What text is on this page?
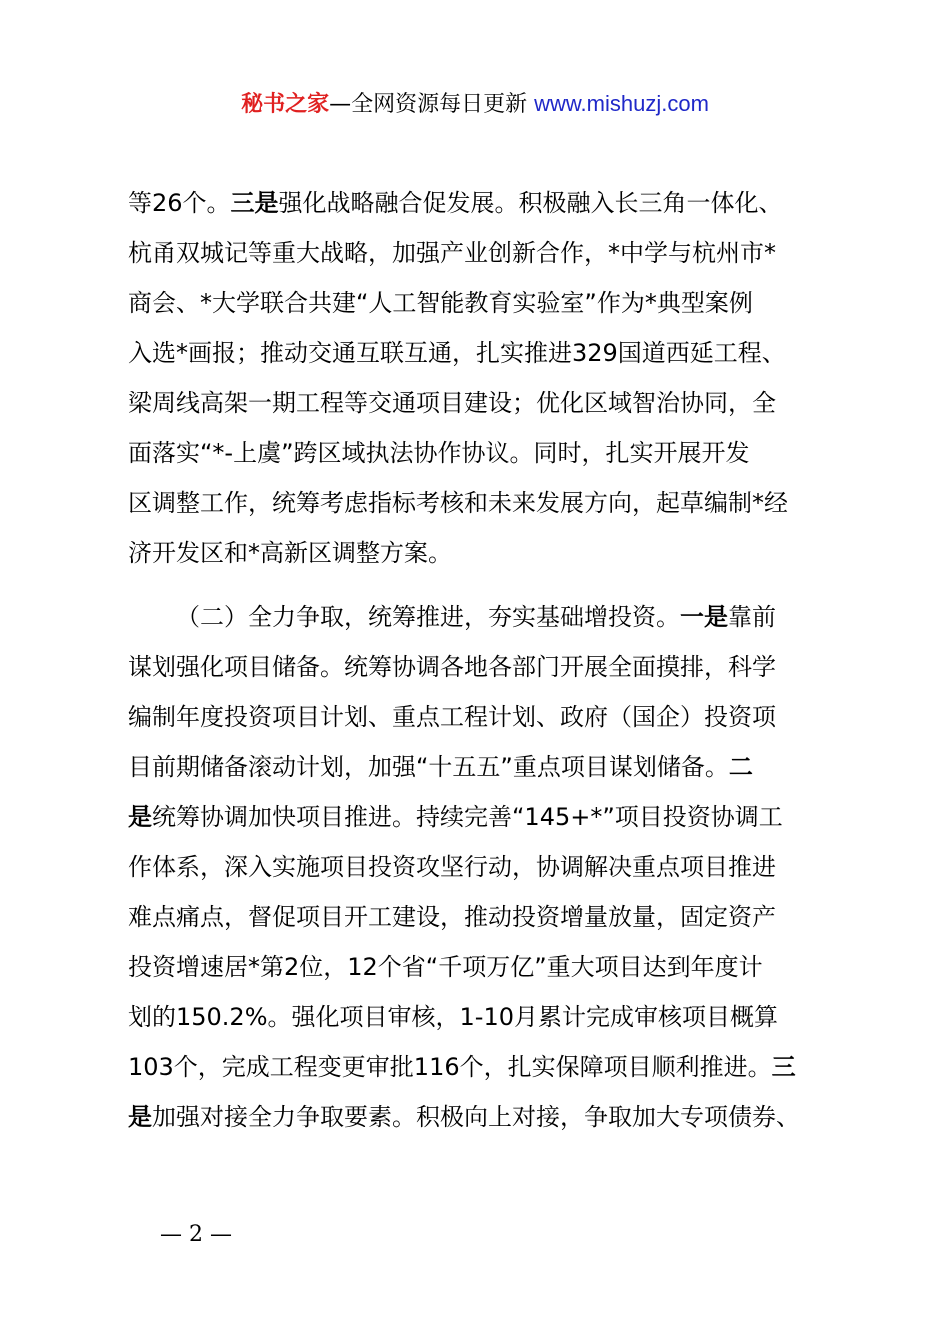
秘书之家—全网资源每日更新 www.mishuzj.com
等26个。三是强化战略融合促发展。积极融入长三角一体化、
杭甬双城记等重大战略，加强产业创新合作，*中学与杭州市*
商会、*大学联合共建“人工智能教育实验室”作为*典型案例
入选*画报；推动交通互联互通，扎实推进329国道西延工程、
梁周线高架一期工程等交通项目建设；优化区域智治协同，全
面落实“*-上虞”跨区域执法协作协议。同时，扎实开展开发
区调整工作，统筹考虑指标考核和未来发展方向，起草编制*经
济开发区和*高新区调整方案。
（二）全力争取，统筹推进，夯实基础增投资。一是靠前
谋划强化项目储备。统筹协调各地各部门开展全面摸排，科学
编制年度投资项目计划、重点工程计划、政府（国企）投资项
目前期储备滚动计划，加强“十五五”重点项目谋划储备。二
是统筹协调加快项目推进。持续完善“145+*”项目投资协调工
作体系，深入实施项目投资攻坚行动，协调解决重点项目推进
难点痛点，督促项目开工建设，推动投资增量放量，固定资产
投资增速居*第2位，12个省“千项万亿”重大项目达到年度计
划的150.2%。强化项目审核，1-10月累计完成审核项目概算
103个，完成工程变更审批116个，扎实保障项目顺利推进。三
是加强对接全力争取要素。积极向上对接，争取加大专项债券、
— 2 —
